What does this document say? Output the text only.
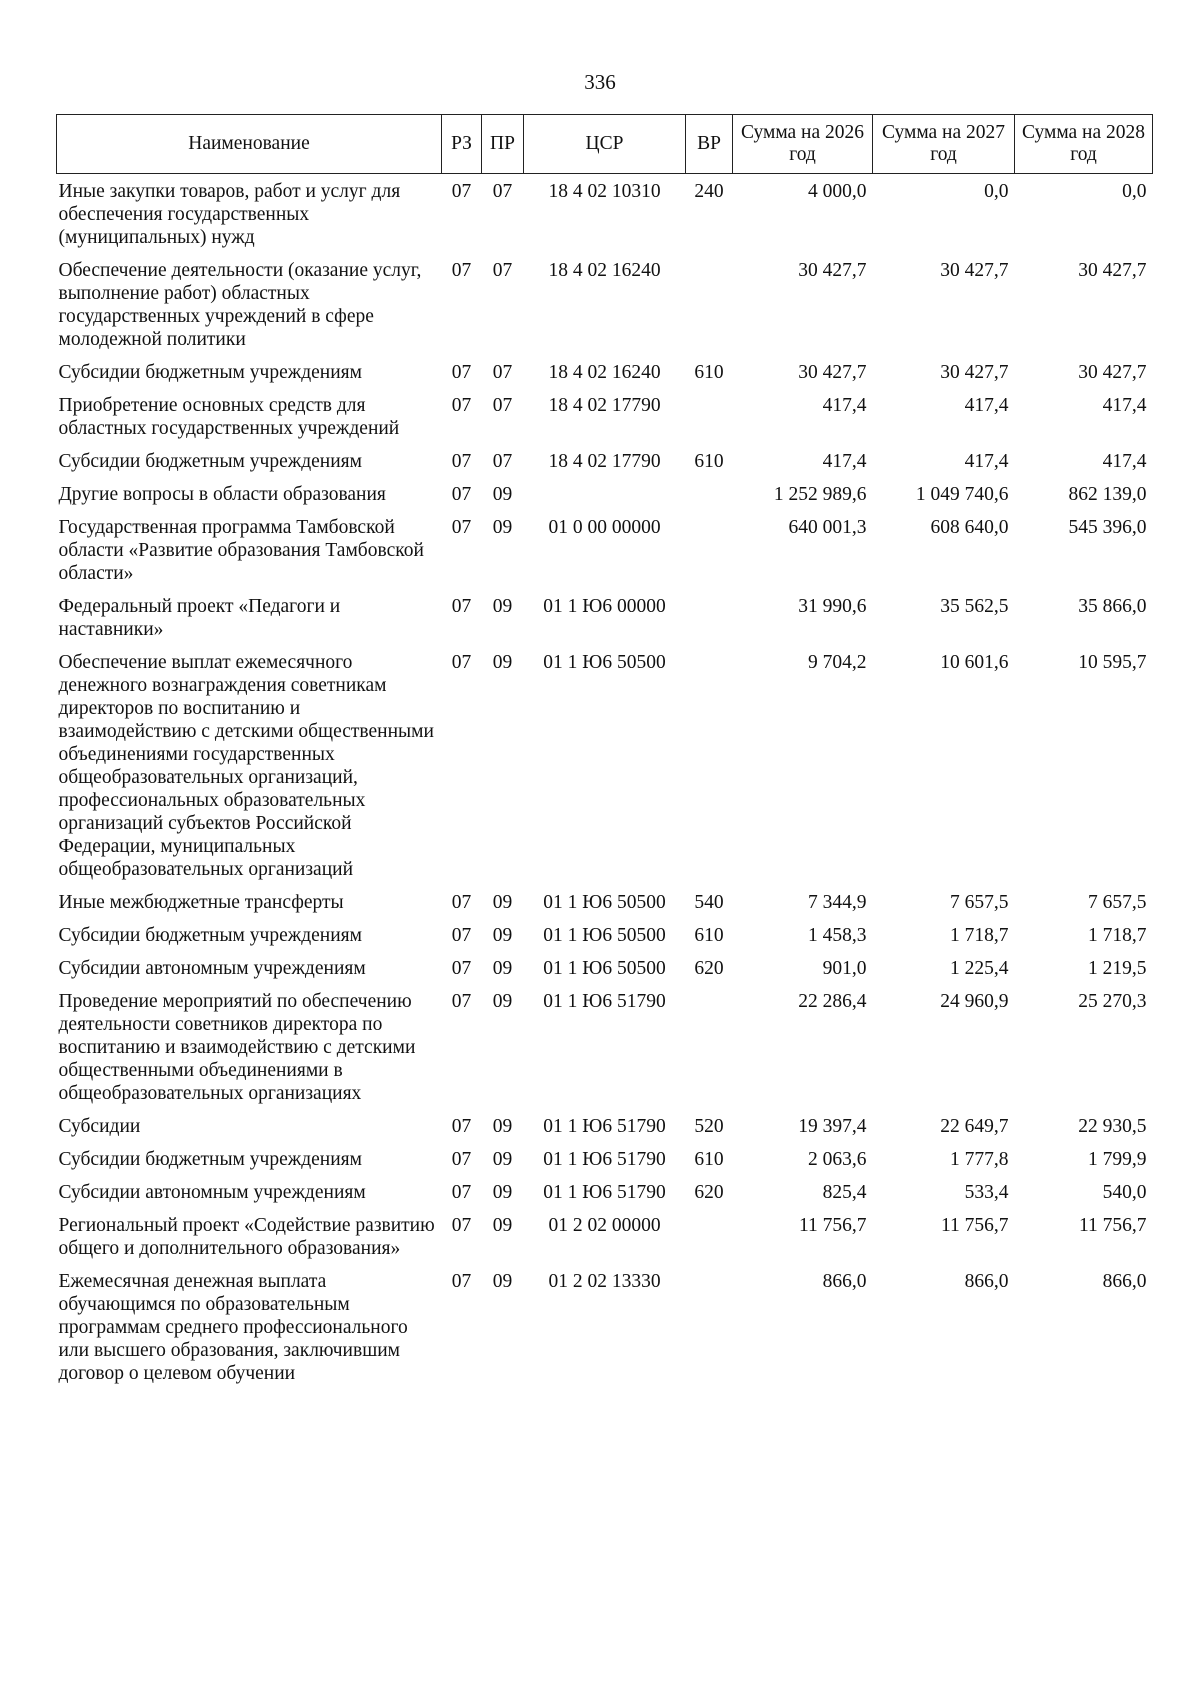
336
Наименование	РЗ	ПР	ЦСР	ВР	Сумма на 2026 год	Сумма на 2027 год	Сумма на 2028 год
Иные закупки товаров, работ и услуг для обеспечения государственных (муниципальных) нужд	07	07	18 4 02 10310	240	4 000,0	0,0	0,0
Обеспечение деятельности (оказание услуг, выполнение работ) областных государственных учреждений в сфере молодежной политики	07	07	18 4 02 16240		30 427,7	30 427,7	30 427,7
Субсидии бюджетным учреждениям	07	07	18 4 02 16240	610	30 427,7	30 427,7	30 427,7
Приобретение основных средств для областных государственных учреждений	07	07	18 4 02 17790		417,4	417,4	417,4
Субсидии бюджетным учреждениям	07	07	18 4 02 17790	610	417,4	417,4	417,4
Другие вопросы в области образования	07	09			1 252 989,6	1 049 740,6	862 139,0
Государственная программа Тамбовской области «Развитие образования Тамбовской области»	07	09	01 0 00 00000		640 001,3	608 640,0	545 396,0
Федеральный проект «Педагоги и наставники»	07	09	01 1 Ю6 00000		31 990,6	35 562,5	35 866,0
Обеспечение выплат ежемесячного денежного вознаграждения советникам директоров по воспитанию и взаимодействию с детскими общественными объединениями государственных общеобразовательных организаций, профессиональных образовательных организаций субъектов Российской Федерации, муниципальных общеобразовательных организаций	07	09	01 1 Ю6 50500		9 704,2	10 601,6	10 595,7
Иные межбюджетные трансферты	07	09	01 1 Ю6 50500	540	7 344,9	7 657,5	7 657,5
Субсидии бюджетным учреждениям	07	09	01 1 Ю6 50500	610	1 458,3	1 718,7	1 718,7
Субсидии автономным учреждениям	07	09	01 1 Ю6 50500	620	901,0	1 225,4	1 219,5
Проведение мероприятий по обеспечению деятельности советников директора по воспитанию и взаимодействию с детскими общественными объединениями в общеобразовательных организациях	07	09	01 1 Ю6 51790		22 286,4	24 960,9	25 270,3
Субсидии	07	09	01 1 Ю6 51790	520	19 397,4	22 649,7	22 930,5
Субсидии бюджетным учреждениям	07	09	01 1 Ю6 51790	610	2 063,6	1 777,8	1 799,9
Субсидии автономным учреждениям	07	09	01 1 Ю6 51790	620	825,4	533,4	540,0
Региональный проект «Содействие развитию общего и дополнительного образования»	07	09	01 2 02 00000		11 756,7	11 756,7	11 756,7
Ежемесячная денежная выплата обучающимся по образовательным программам среднего профессионального или высшего образования, заключившим договор о целевом обучении	07	09	01 2 02 13330		866,0	866,0	866,0
